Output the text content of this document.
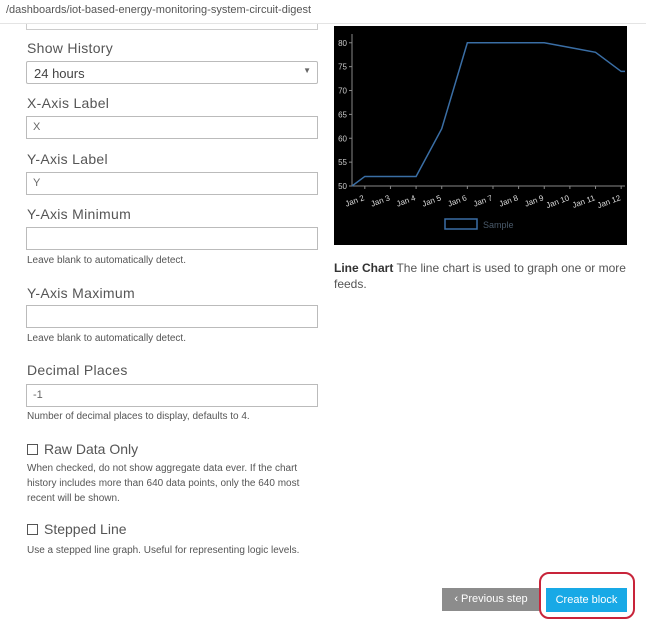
/dashboards/iot-based-energy-monitoring-system-circuit-digest
Show History
24 hours	▼
X-Axis Label
X
Y-Axis Label
Y
Y-Axis Minimum
Leave blank to automatically detect.
Y-Axis Maximum
Leave blank to automatically detect.
Decimal Places
-1
Number of decimal places to display, defaults to 4.
Raw Data Only
When checked, do not show aggregate data ever. If the chart history includes more than 640 data points, only the 640 most recent will be shown.
Stepped Line
Use a stepped line graph. Useful for representing logic levels.
50
55
60
65
70
75
80
Jan 2 Jan 3 Jan 4 Jan 5 Jan 6 Jan 7 Jan 8 Jan 9 Jan 10 Jan 11 Jan 12
Sample
Line Chart The line chart is used to graph one or more feeds.
‹ Previous step	Create block
